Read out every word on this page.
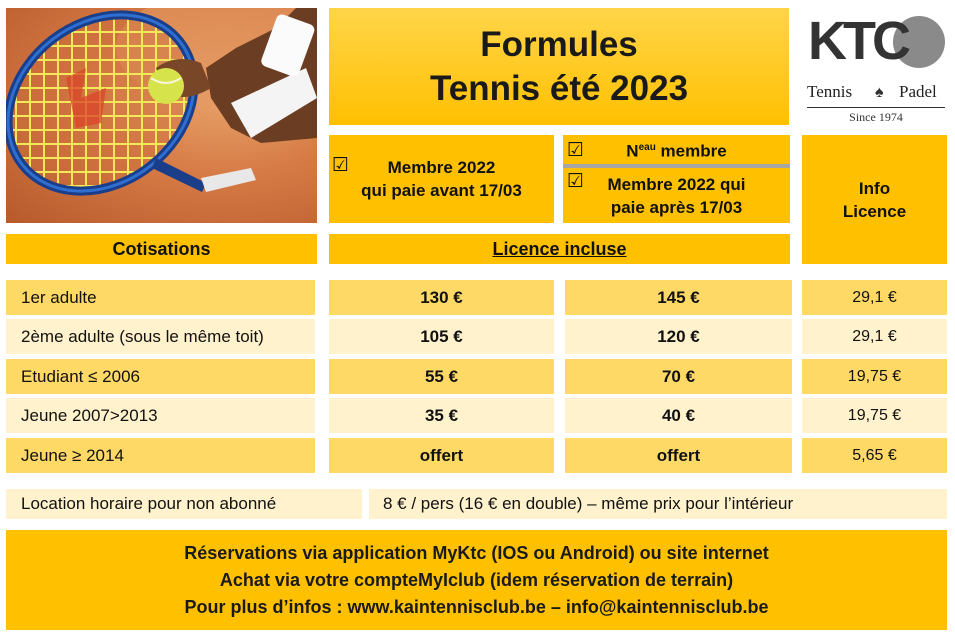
Formules
Tennis été 2023
KTC
Tennis ♠ Padel
Since 1974
Membre 2022
qui paie avant 17/03
☑
$N^{eau}$ membre
☑
Membre 2022 qui
paie après 17/03
☑	Info
Licence
Cotisations	Licence incluse
1er adulte	130 €	145 €	29,1 €
2ème adulte (sous le même toit)	105 €	120 €	29,1 €
Etudiant ≤ 2006	55 €	70 €	19,75 €
Jeune 2007>2013	35 €	40 €	19,75 €
Jeune ≥ 2014	offert	offert	5,65 €
Location horaire pour non abonné	8 € / pers (16 € en double) – même prix pour l’intérieur
Réservations via application MyKtc (IOS ou Android) ou site internet
Achat via votre compteMyIclub (idem réservation de terrain)
Pour plus d’infos : www.kaintennisclub.be – info@kaintennisclub.be
